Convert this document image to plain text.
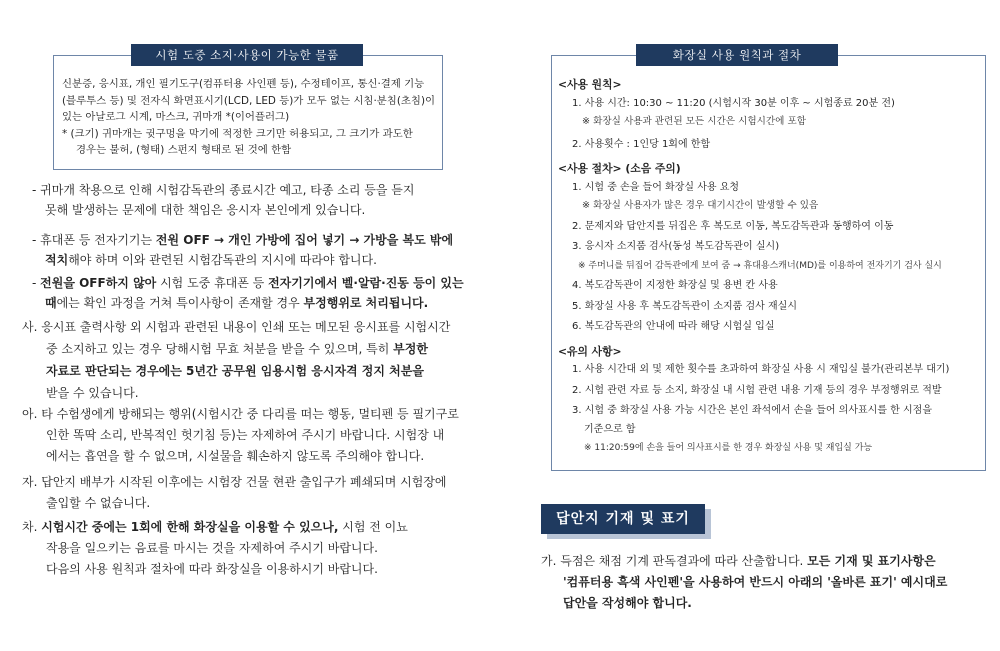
시험 도중 소지·사용이 가능한 물품
신분증, 응시표, 개인 필기도구(컴퓨터용 사인펜 등), 수정테이프, 통신·결제 기능
(블루투스 등) 및 전자식 화면표시기(LCD, LED 등)가 모두 없는 시침·분침(초침)이
있는 아날로그 시계, 마스크, 귀마개 *(이어플러그)
* (크기) 귀마개는 귓구멍을 막기에 적정한 크기만 허용되고, 그 크기가 과도한
경우는 불허, (형태) 스펀지 형태로 된 것에 한함
- 귀마개 착용으로 인해 시험감독관의 종료시간 예고, 타종 소리 등을 듣지
못해 발생하는 문제에 대한 책임은 응시자 본인에게 있습니다.
- 휴대폰 등 전자기기는 전원 OFF → 개인 가방에 집어 넣기 → 가방을 복도 밖에
적치해야 하며 이와 관련된 시험감독관의 지시에 따라야 합니다.
- 전원을 OFF하지 않아 시험 도중 휴대폰 등 전자기기에서 벨·알람·진동 등이 있는
때에는 확인 과정을 거쳐 특이사항이 존재할 경우 부정행위로 처리됩니다.
사. 응시표 출력사항 외 시험과 관련된 내용이 인쇄 또는 메모된 응시표를 시험시간
중 소지하고 있는 경우 당해시험 무효 처분을 받을 수 있으며, 특히 부정한
자료로 판단되는 경우에는 5년간 공무원 임용시험 응시자격 정지 처분을
받을 수 있습니다.
아. 타 수험생에게 방해되는 행위(시험시간 중 다리를 떠는 행동, 멀티펜 등 필기구로
인한 똑딱 소리, 반복적인 헛기침 등)는 자제하여 주시기 바랍니다. 시험장 내
에서는 흡연을 할 수 없으며, 시설물을 훼손하지 않도록 주의해야 합니다.
자. 답안지 배부가 시작된 이후에는 시험장 건물 현관 출입구가 폐쇄되며 시험장에
출입할 수 없습니다.
차. 시험시간 중에는 1회에 한해 화장실을 이용할 수 있으나, 시험 전 이뇨
작용을 일으키는 음료를 마시는 것을 자제하여 주시기 바랍니다.
다음의 사용 원칙과 절차에 따라 화장실을 이용하시기 바랍니다.
화장실 사용 원칙과 절차
<사용 원칙>
1. 사용 시간: 10:30 ~ 11:20 (시험시작 30분 이후 ~ 시험종료 20분 전)
※ 화장실 사용과 관련된 모든 시간은 시험시간에 포함
2. 사용횟수 : 1인당 1회에 한함
<사용 절차> (소음 주의)
1. 시험 중 손을 들어 화장실 사용 요청
※ 화장실 사용자가 많은 경우 대기시간이 발생할 수 있음
2. 문제지와 답안지를 뒤집은 후 복도로 이동, 복도감독관과 동행하여 이동
3. 응시자 소지품 검사(동성 복도감독관이 실시)
※ 주머니를 뒤집어 감독관에게 보여 줌 → 휴대용스캐너(MD)를 이용하여 전자기기 검사 실시
4. 복도감독관이 지정한 화장실 및 용변 칸 사용
5. 화장실 사용 후 복도감독관이 소지품 검사 재실시
6. 복도감독관의 안내에 따라 해당 시험실 입실
<유의 사항>
1. 사용 시간대 외 및 제한 횟수를 초과하여 화장실 사용 시 재입실 불가(관리본부 대기)
2. 시험 관련 자료 등 소지, 화장실 내 시험 관련 내용 기재 등의 경우 부정행위로 적발
3. 시험 중 화장실 사용 가능 시간은 본인 좌석에서 손을 들어 의사표시를 한 시점을
기준으로 함
※ 11:20:59에 손을 들어 의사표시를 한 경우 화장실 사용 및 재입실 가능
답안지 기재 및 표기
가. 득점은 채점 기계 판독결과에 따라 산출합니다. 모든 기재 및 표기사항은
'컴퓨터용 흑색 사인펜'을 사용하여 반드시 아래의 '올바른 표기' 예시대로
답안을 작성해야 합니다.
